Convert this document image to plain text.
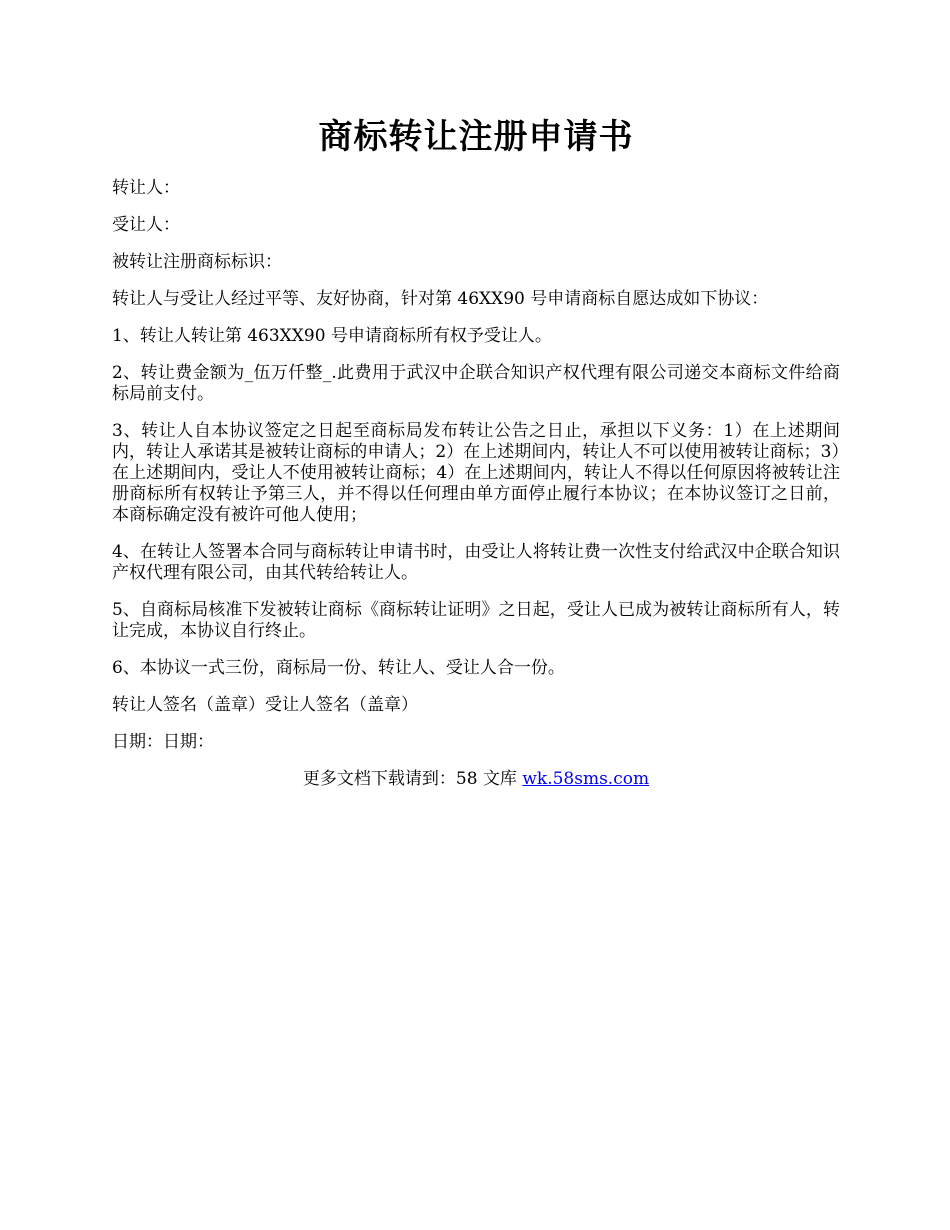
商标转让注册申请书

转让人：

受让人：

被转让注册商标标识：

转让人与受让人经过平等、友好协商，针对第 46XX90 号申请商标自愿达成如下协议：

1、转让人转让第 463XX90 号申请商标所有权予受让人。

2、转让费金额为_伍万仟整_.此费用于武汉中企联合知识产权代理有限公司递交本商标文件给商标局前支付。

3、转让人自本协议签定之日起至商标局发布转让公告之日止，承担以下义务：1）在上述期间内，转让人承诺其是被转让商标的申请人；2）在上述期间内，转让人不可以使用被转让商标；3）在上述期间内，受让人不使用被转让商标；4）在上述期间内，转让人不得以任何原因将被转让注册商标所有权转让予第三人，并不得以任何理由单方面停止履行本协议；在本协议签订之日前，本商标确定没有被许可他人使用；

4、在转让人签署本合同与商标转让申请书时，由受让人将转让费一次性支付给武汉中企联合知识产权代理有限公司，由其代转给转让人。

5、自商标局核准下发被转让商标《商标转让证明》之日起，受让人已成为被转让商标所有人，转让完成，本协议自行终止。

6、本协议一式三份，商标局一份、转让人、受让人合一份。

转让人签名（盖章）受让人签名（盖章）

日期：日期：

更多文档下载请到：58 文库 wk.58sms.com
